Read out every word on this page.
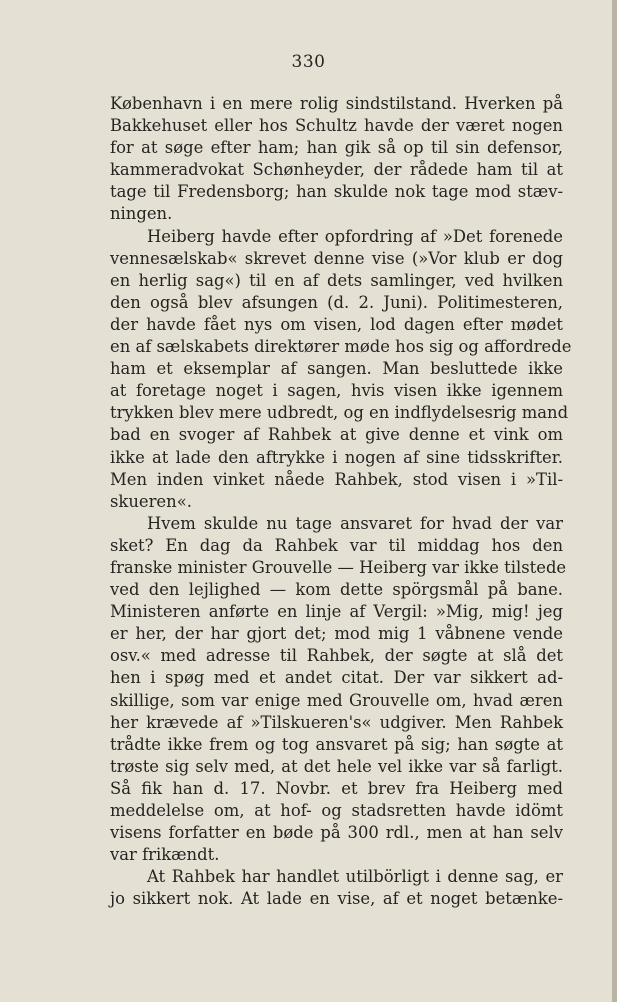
330
København i en mere rolig sindstilstand. Hverken på
Bakkehuset eller hos Schultz havde der været nogen
for at søge efter ham; han gik så op til sin defensor,
kammeradvokat Schønheyder, der rådede ham til at
tage til Fredensborg; han skulde nok tage mod stæv-
ningen.
Heiberg havde efter opfordring af »Det forenede
vennesælskab« skrevet denne vise (»Vor klub er dog
en herlig sag«) til en af dets samlinger, ved hvilken
den også blev afsungen (d. 2. Juni). Politimesteren,
der havde fået nys om visen, lod dagen efter mødet
en af sælskabets direktører møde hos sig og affordrede
ham et eksemplar af sangen. Man besluttede ikke
at foretage noget i sagen, hvis visen ikke igennem
trykken blev mere udbredt, og en indflydelsesrig mand
bad en svoger af Rahbek at give denne et vink om
ikke at lade den aftrykke i nogen af sine tidsskrifter.
Men inden vinket nåede Rahbek, stod visen i »Til-
skueren«.
Hvem skulde nu tage ansvaret for hvad der var
sket? En dag da Rahbek var til middag hos den
franske minister Grouvelle — Heiberg var ikke tilstede
ved den lejlighed — kom dette spörgsmål på bane.
Ministeren anførte en linje af Vergil: »Mig, mig! jeg
er her, der har gjort det; mod mig 1 våbnene vende
osv.« med adresse til Rahbek, der søgte at slå det
hen i spøg med et andet citat. Der var sikkert ad-
skillige, som var enige med Grouvelle om, hvad æren
her krævede af »Tilskueren's« udgiver. Men Rahbek
trådte ikke frem og tog ansvaret på sig; han søgte at
trøste sig selv med, at det hele vel ikke var så farligt.
Så fik han d. 17. Novbr. et brev fra Heiberg med
meddelelse om, at hof- og stadsretten havde idömt
visens forfatter en bøde på 300 rdl., men at han selv
var frikændt.
At Rahbek har handlet utilbörligt i denne sag, er
jo sikkert nok. At lade en vise, af et noget betænke-
